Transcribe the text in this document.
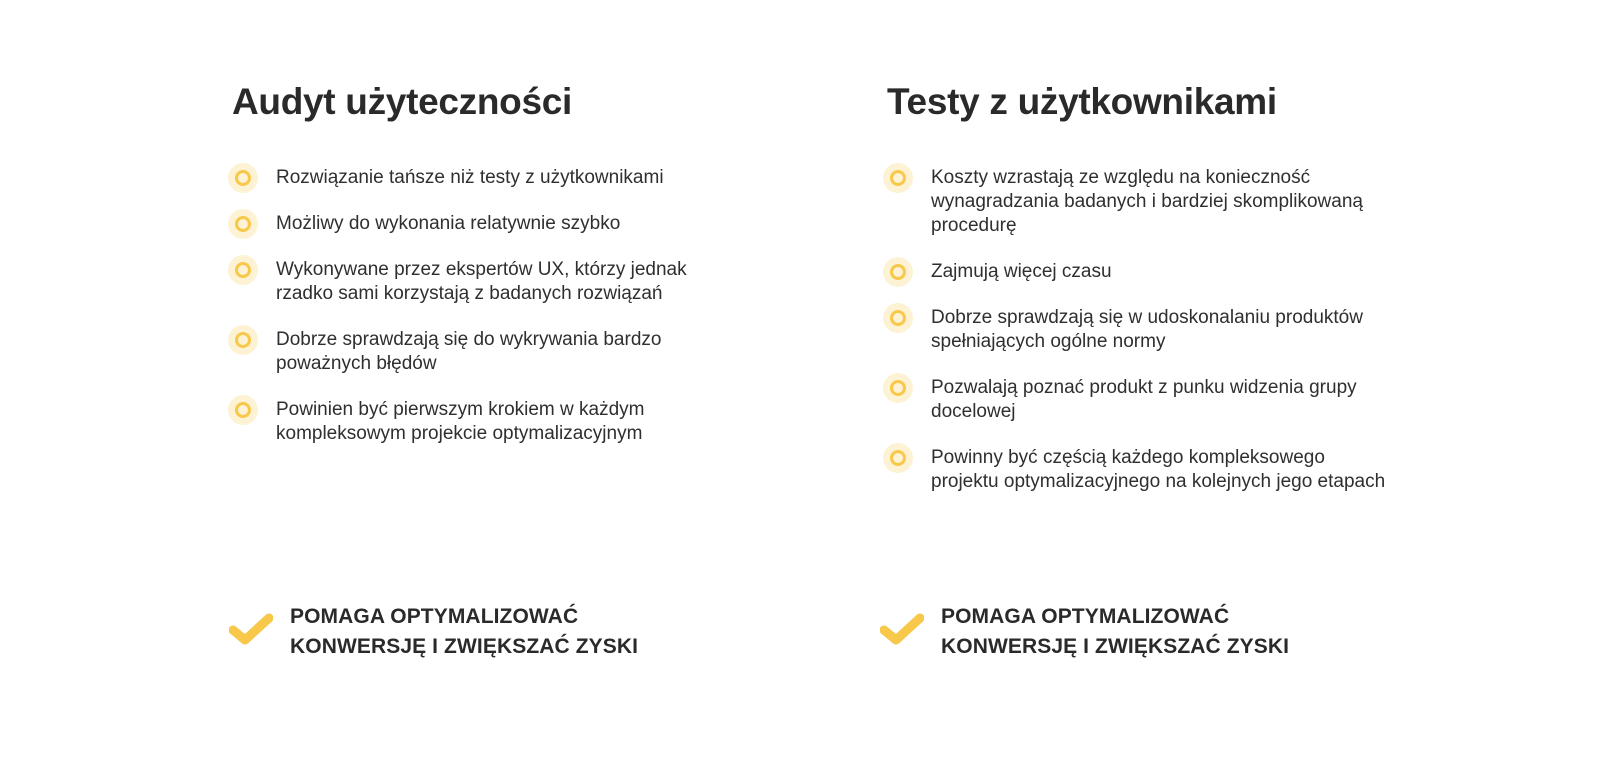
Audyt użyteczności
Rozwiązanie tańsze niż testy z użytkownikami
Możliwy do wykonania relatywnie szybko
Wykonywane przez ekspertów UX, którzy jednak rzadko sami korzystają z badanych rozwiązań
Dobrze sprawdzają się do wykrywania bardzo poważnych błędów
Powinien być pierwszym krokiem w każdym kompleksowym projekcie optymalizacyjnym
Testy z użytkownikami
Koszty wzrastają ze względu na konieczność wynagradzania badanych i bardziej skomplikowaną procedurę
Zajmują więcej czasu
Dobrze sprawdzają się w udoskonalaniu produktów spełniających ogólne normy
Pozwalają poznać produkt z punku widzenia grupy docelowej
Powinny być częścią każdego kompleksowego projektu optymalizacyjnego na kolejnych jego etapach
POMAGA OPTYMALIZOWAĆ
KONWERSJĘ I ZWIĘKSZAĆ ZYSKI
POMAGA OPTYMALIZOWAĆ
KONWERSJĘ I ZWIĘKSZAĆ ZYSKI
